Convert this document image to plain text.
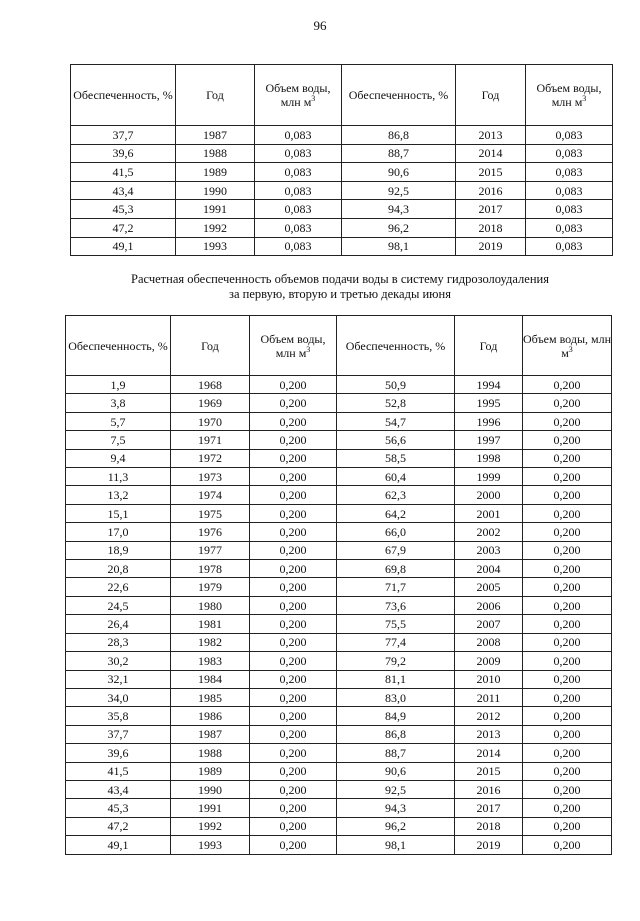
96
Обеспеченность, %	Год	Объем воды, млн $м^3$	Обеспеченность, %	Год	Объем воды, млн $м^3$
37,7	1987	0,083	86,8	2013	0,083
39,6	1988	0,083	88,7	2014	0,083
41,5	1989	0,083	90,6	2015	0,083
43,4	1990	0,083	92,5	2016	0,083
45,3	1991	0,083	94,3	2017	0,083
47,2	1992	0,083	96,2	2018	0,083
49,1	1993	0,083	98,1	2019	0,083
Расчетная обеспеченность объемов подачи воды в систему гидрозолоудаления
за первую, вторую и третью декады июня
Обеспеченность, %	Год	Объем воды, млн $м^3$	Обеспеченность, %	Год	Объем воды, млн $м^3$
1,9	1968	0,200	50,9	1994	0,200
3,8	1969	0,200	52,8	1995	0,200
5,7	1970	0,200	54,7	1996	0,200
7,5	1971	0,200	56,6	1997	0,200
9,4	1972	0,200	58,5	1998	0,200
11,3	1973	0,200	60,4	1999	0,200
13,2	1974	0,200	62,3	2000	0,200
15,1	1975	0,200	64,2	2001	0,200
17,0	1976	0,200	66,0	2002	0,200
18,9	1977	0,200	67,9	2003	0,200
20,8	1978	0,200	69,8	2004	0,200
22,6	1979	0,200	71,7	2005	0,200
24,5	1980	0,200	73,6	2006	0,200
26,4	1981	0,200	75,5	2007	0,200
28,3	1982	0,200	77,4	2008	0,200
30,2	1983	0,200	79,2	2009	0,200
32,1	1984	0,200	81,1	2010	0,200
34,0	1985	0,200	83,0	2011	0,200
35,8	1986	0,200	84,9	2012	0,200
37,7	1987	0,200	86,8	2013	0,200
39,6	1988	0,200	88,7	2014	0,200
41,5	1989	0,200	90,6	2015	0,200
43,4	1990	0,200	92,5	2016	0,200
45,3	1991	0,200	94,3	2017	0,200
47,2	1992	0,200	96,2	2018	0,200
49,1	1993	0,200	98,1	2019	0,200
